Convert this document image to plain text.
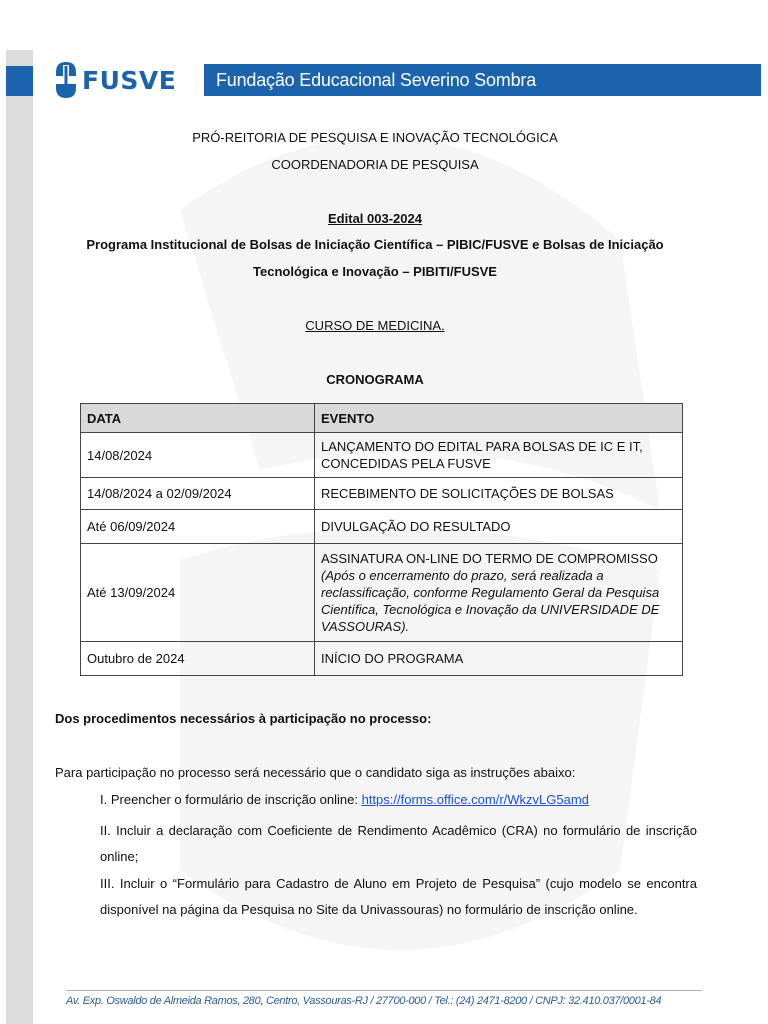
FUSVE	Fundação Educacional Severino Sombra
PRÓ-REITORIA DE PESQUISA E INOVAÇÃO TECNOLÓGICA
COORDENADORIA DE PESQUISA
Edital 003-2024
Programa Institucional de Bolsas de Iniciação Científica – PIBIC/FUSVE e Bolsas de Iniciação
Tecnológica e Inovação – PIBITI/FUSVE
CURSO DE MEDICINA.
CRONOGRAMA
DATA	EVENTO
14/08/2024	LANÇAMENTO DO EDITAL PARA BOLSAS DE IC E IT, CONCEDIDAS PELA FUSVE
14/08/2024 a 02/09/2024	RECEBIMENTO DE SOLICITAÇÕES DE BOLSAS
Até 06/09/2024	DIVULGAÇÃO DO RESULTADO
Até 13/09/2024	ASSINATURA ON-LINE DO TERMO DE COMPROMISSO
(Após o encerramento do prazo, será realizada a reclassificação, conforme Regulamento Geral da Pesquisa Científica, Tecnológica e Inovação da UNIVERSIDADE DE VASSOURAS).
Outubro de 2024	INÍCIO DO PROGRAMA
Dos procedimentos necessários à participação no processo:
Para participação no processo será necessário que o candidato siga as instruções abaixo:
I. Preencher o formulário de inscrição online: https://forms.office.com/r/WkzvLG5amd
II. Incluir a declaração com Coeficiente de Rendimento Acadêmico (CRA) no formulário de inscrição online;
III. Incluir o “Formulário para Cadastro de Aluno em Projeto de Pesquisa” (cujo modelo se encontra disponível na página da Pesquisa no Site da Univassouras) no formulário de inscrição online.
Av. Exp. Oswaldo de Almeida Ramos, 280, Centro, Vassouras-RJ / 27700-000 / Tel.: (24) 2471-8200 / CNPJ: 32.410.037/0001-84
